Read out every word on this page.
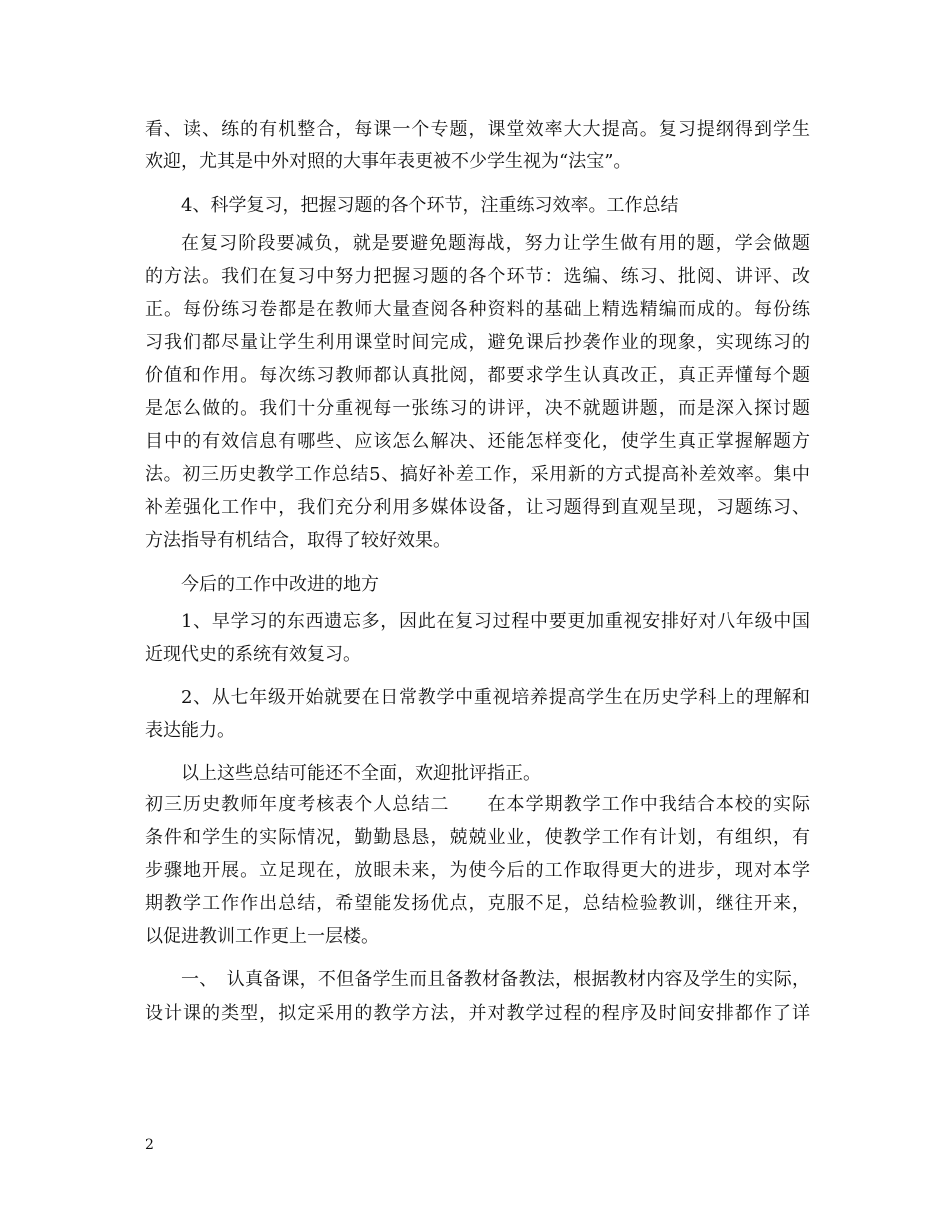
看、读、练的有机整合，每课一个专题，课堂效率大大提高。复习提纲得到学生
欢迎，尤其是中外对照的大事年表更被不少学生视为“法宝”。
4、科学复习，把握习题的各个环节，注重练习效率。工作总结
在复习阶段要减负，就是要避免题海战，努力让学生做有用的题，学会做题
的方法。我们在复习中努力把握习题的各个环节：选编、练习、批阅、讲评、改
正。每份练习卷都是在教师大量查阅各种资料的基础上精选精编而成的。每份练
习我们都尽量让学生利用课堂时间完成，避免课后抄袭作业的现象，实现练习的
价值和作用。每次练习教师都认真批阅，都要求学生认真改正，真正弄懂每个题
是怎么做的。我们十分重视每一张练习的讲评，决不就题讲题，而是深入探讨题
目中的有效信息有哪些、应该怎么解决、还能怎样变化，使学生真正掌握解题方
法。初三历史教学工作总结5、搞好补差工作，采用新的方式提高补差效率。集中
补差强化工作中，我们充分利用多媒体设备，让习题得到直观呈现，习题练习、
方法指导有机结合，取得了较好效果。
今后的工作中改进的地方
1、早学习的东西遗忘多，因此在复习过程中要更加重视安排好对八年级中国
近现代史的系统有效复习。
2、从七年级开始就要在日常教学中重视培养提高学生在历史学科上的理解和
表达能力。
以上这些总结可能还不全面，欢迎批评指正。
初三历史教师年度考核表个人总结二　　在本学期教学工作中我结合本校的实际
条件和学生的实际情况，勤勤恳恳，兢兢业业，使教学工作有计划，有组织，有
步骤地开展。立足现在，放眼未来，为使今后的工作取得更大的进步，现对本学
期教学工作作出总结，希望能发扬优点，克服不足，总结检验教训，继往开来，
以促进教训工作更上一层楼。
一、　认真备课，不但备学生而且备教材备教法，根据教材内容及学生的实际，
设计课的类型，拟定采用的教学方法，并对教学过程的程序及时间安排都作了详
2
